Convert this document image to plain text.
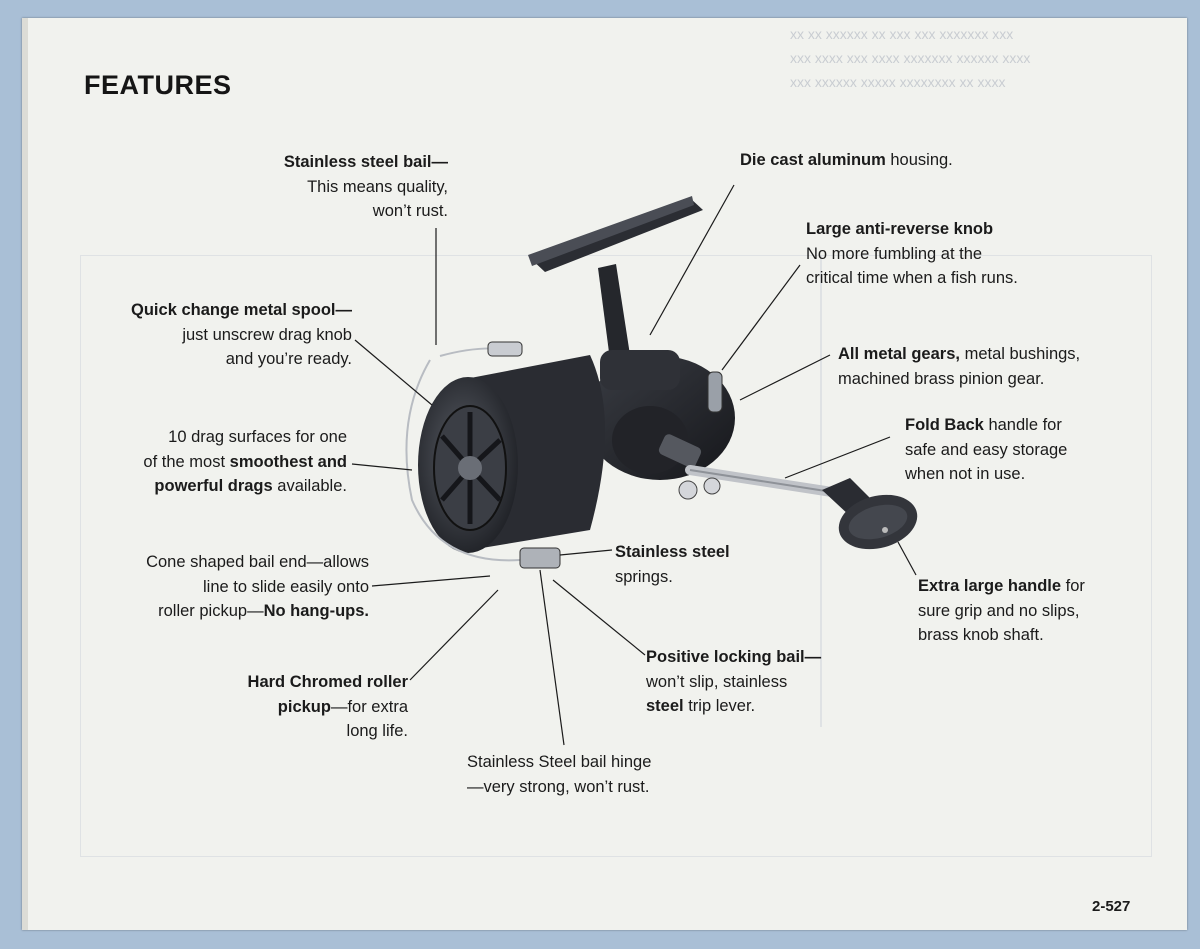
xx xx xxxxxx xx xxx xxx xxxxxxx xxx
xxx xxxx xxx xxxx xxxxxxx xxxxxx xxxx
xxx xxxxxx xxxxx xxxxxxxx xx xxxx
FEATURES
Stainless steel bail—
This means quality,
won’t rust.
Die cast aluminum housing.
Large anti-reverse knob
No more fumbling at the
critical time when a fish runs.
Quick change metal spool—
just unscrew drag knob
and you’re ready.	All metal gears, metal bushings,
machined brass pinion gear.
Fold Back handle for
safe and easy storage
when not in use.
10 drag surfaces for one
of the most smoothest and
powerful drags available.
Stainless steel
springs.
Cone shaped bail end—allows
line to slide easily onto
roller pickup—No hang-ups.
Extra large handle for
sure grip and no slips,
brass knob shaft.
Positive locking bail—
won’t slip, stainless
steel trip lever.
Hard Chromed roller
pickup—for extra
long life.
Stainless Steel bail hinge
—very strong, won’t rust.
2-527
